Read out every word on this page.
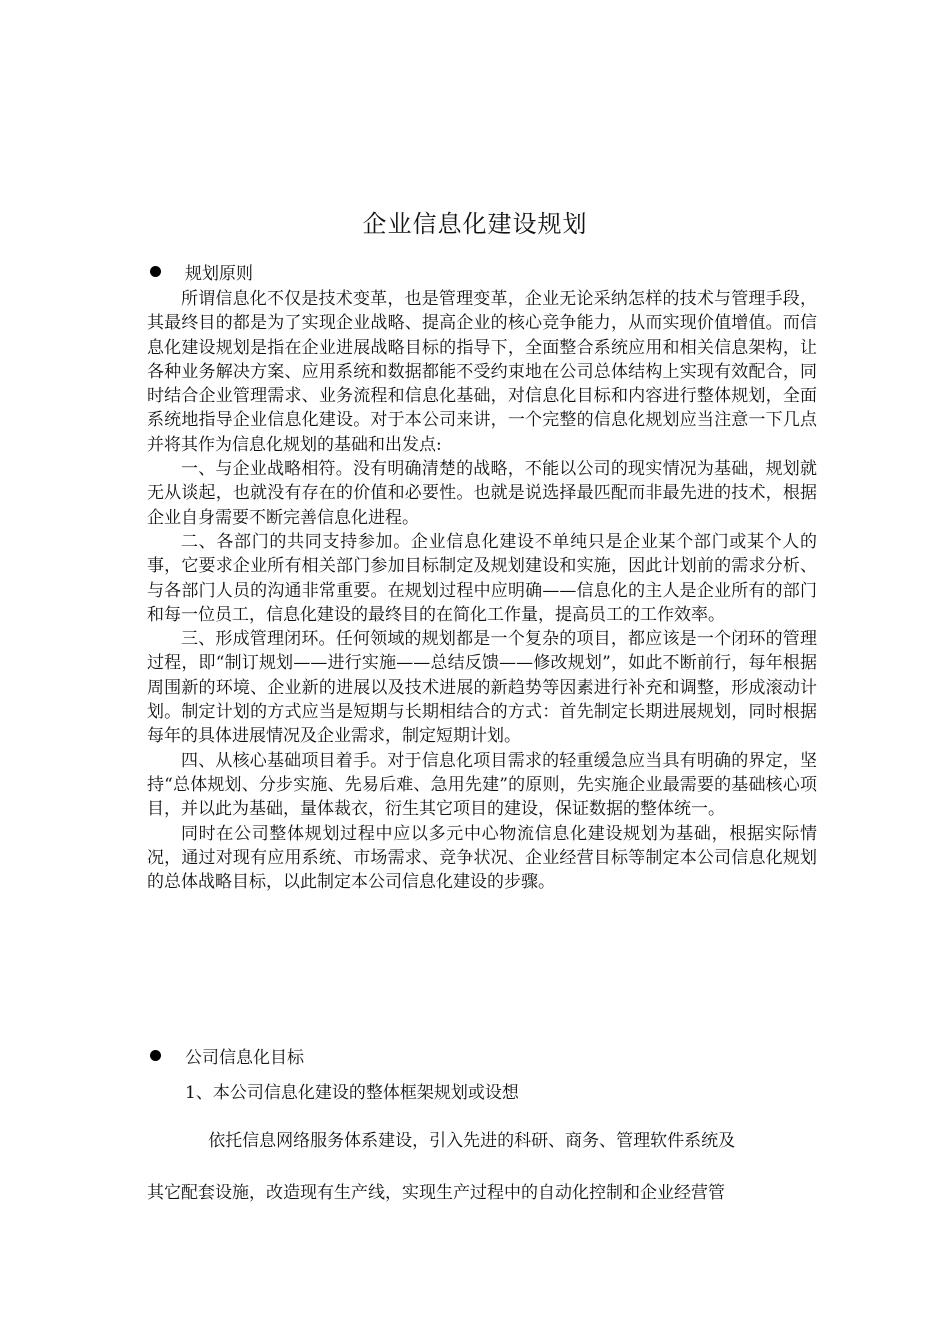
企业信息化建设规划
规划原则

所谓信息化不仅是技术变革，也是管理变革，企业无论采纳怎样的技术与管理手段，其最终目的都是为了实现企业战略、提高企业的核心竞争能力，从而实现价值增值。而信息化建设规划是指在企业进展战略目标的指导下，全面整合系统应用和相关信息架构，让各种业务解决方案、应用系统和数据都能不受约束地在公司总体结构上实现有效配合，同时结合企业管理需求、业务流程和信息化基础，对信息化目标和内容进行整体规划，全面系统地指导企业信息化建设。对于本公司来讲，一个完整的信息化规划应当注意一下几点并将其作为信息化规划的基础和出发点:

一、与企业战略相符。没有明确清楚的战略，不能以公司的现实情况为基础，规划就无从谈起，也就没有存在的价值和必要性。也就是说选择最匹配而非最先进的技术，根据企业自身需要不断完善信息化进程。

二、各部门的共同支持参加。企业信息化建设不单纯只是企业某个部门或某个人的事，它要求企业所有相关部门参加目标制定及规划建设和实施，因此计划前的需求分析、与各部门人员的沟通非常重要。在规划过程中应明确——信息化的主人是企业所有的部门和每一位员工，信息化建设的最终目的在简化工作量，提高员工的工作效率。

三、形成管理闭环。任何领域的规划都是一个复杂的项目，都应该是一个闭环的管理过程，即“制订规划——进行实施——总结反馈——修改规划”，如此不断前行，每年根据周围新的环境、企业新的进展以及技术进展的新趋势等因素进行补充和调整，形成滚动计划。制定计划的方式应当是短期与长期相结合的方式：首先制定长期进展规划，同时根据每年的具体进展情况及企业需求，制定短期计划。

四、从核心基础项目着手。对于信息化项目需求的轻重缓急应当具有明确的界定，坚持“总体规划、分步实施、先易后难、急用先建”的原则，先实施企业最需要的基础核心项目，并以此为基础，量体裁衣，衍生其它项目的建设，保证数据的整体统一。

同时在公司整体规划过程中应以多元中心物流信息化建设规划为基础，根据实际情况，通过对现有应用系统、市场需求、竞争状况、企业经营目标等制定本公司信息化规划的总体战略目标，以此制定本公司信息化建设的步骤。

公司信息化目标
1、本公司信息化建设的整体框架规划或设想

依托信息网络服务体系建设，引入先进的科研、商务、管理软件系统及

其它配套设施，改造现有生产线，实现生产过程中的自动化控制和企业经营管
